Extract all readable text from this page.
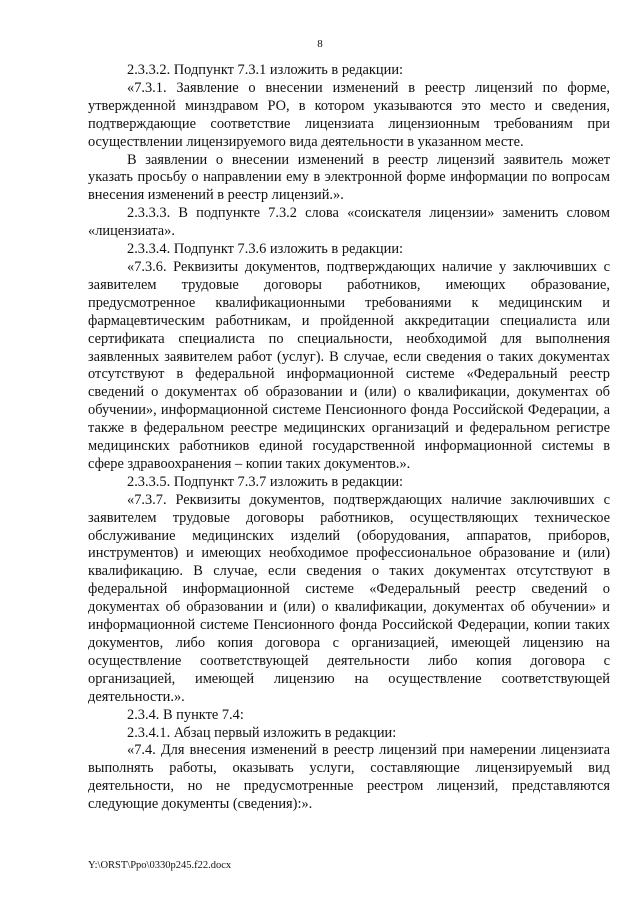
8

2.3.3.2. Подпункт 7.3.1 изложить в редакции:

«7.3.1. Заявление о внесении изменений в реестр лицензий по форме, утвержденной минздравом РО, в котором указываются это место и сведения, подтверждающие соответствие лицензиата лицензионным требованиям при осуществлении лицензируемого вида деятельности в указанном месте.

В заявлении о внесении изменений в реестр лицензий заявитель может указать просьбу о направлении ему в электронной форме информации по вопросам внесения изменений в реестр лицензий.».

2.3.3.3. В подпункте 7.3.2 слова «соискателя лицензии» заменить словом «лицензиата».

2.3.3.4. Подпункт 7.3.6 изложить в редакции:

«7.3.6. Реквизиты документов, подтверждающих наличие у заключивших с заявителем трудовые договоры работников, имеющих образование, предусмотренное квалификационными требованиями к медицинским и фармацевтическим работникам, и пройденной аккредитации специалиста или сертификата специалиста по специальности, необходимой для выполнения заявленных заявителем работ (услуг). В случае, если сведения о таких документах отсутствуют в федеральной информационной системе «Федеральный реестр сведений о документах об образовании и (или) о квалификации, документах об обучении», информационной системе Пенсионного фонда Российской Федерации, а также в федеральном реестре медицинских организаций и федеральном регистре медицинских работников единой государственной информационной системы в сфере здравоохранения – копии таких документов.».

2.3.3.5. Подпункт 7.3.7 изложить в редакции:

«7.3.7. Реквизиты документов, подтверждающих наличие заключивших с заявителем трудовые договоры работников, осуществляющих техническое обслуживание медицинских изделий (оборудования, аппаратов, приборов, инструментов) и имеющих необходимое профессиональное образование и (или) квалификацию. В случае, если сведения о таких документах отсутствуют в федеральной информационной системе «Федеральный реестр сведений о документах об образовании и (или) о квалификации, документах об обучении» и информационной системе Пенсионного фонда Российской Федерации, копии таких документов, либо копия договора с организацией, имеющей лицензию на осуществление соответствующей деятельности либо копия договора с организацией, имеющей лицензию на осуществление соответствующей деятельности.».

2.3.4. В пункте 7.4:

2.3.4.1. Абзац первый изложить в редакции:

«7.4. Для внесения изменений в реестр лицензий при намерении лицензиата выполнять работы, оказывать услуги, составляющие лицензируемый вид деятельности, но не предусмотренные реестром лицензий, представляются следующие документы (сведения):».

Y:\ORST\Ppo\0330p245.f22.docx
